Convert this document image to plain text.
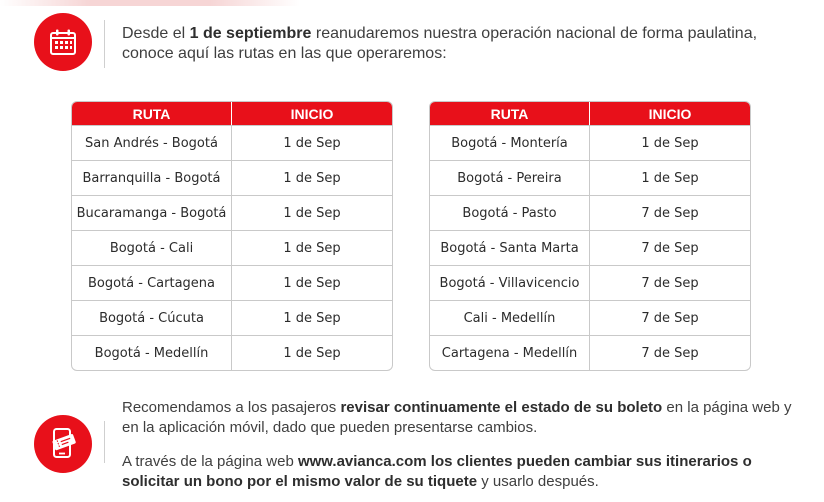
Desde el 1 de septiembre reanudaremos nuestra operación nacional de forma paulatina, conoce aquí las rutas en las que operaremos:
RUTA	INICIO
San Andrés - Bogotá	1 de Sep
Barranquilla - Bogotá	1 de Sep
Bucaramanga - Bogotá	1 de Sep
Bogotá - Cali	1 de Sep
Bogotá - Cartagena	1 de Sep
Bogotá - Cúcuta	1 de Sep
Bogotá - Medellín	1 de Sep
RUTA	INICIO
Bogotá - Montería	1 de Sep
Bogotá - Pereira	1 de Sep
Bogotá - Pasto	7 de Sep
Bogotá - Santa Marta	7 de Sep
Bogotá - Villavicencio	7 de Sep
Cali - Medellín	7 de Sep
Cartagena - Medellín	7 de Sep

Recomendamos a los pasajeros revisar continuamente el estado de su boleto en la página web y en la aplicación móvil, dado que pueden presentarse cambios.

A través de la página web www.avianca.com los clientes pueden cambiar sus itinerarios o solicitar un bono por el mismo valor de su tiquete y usarlo después.
